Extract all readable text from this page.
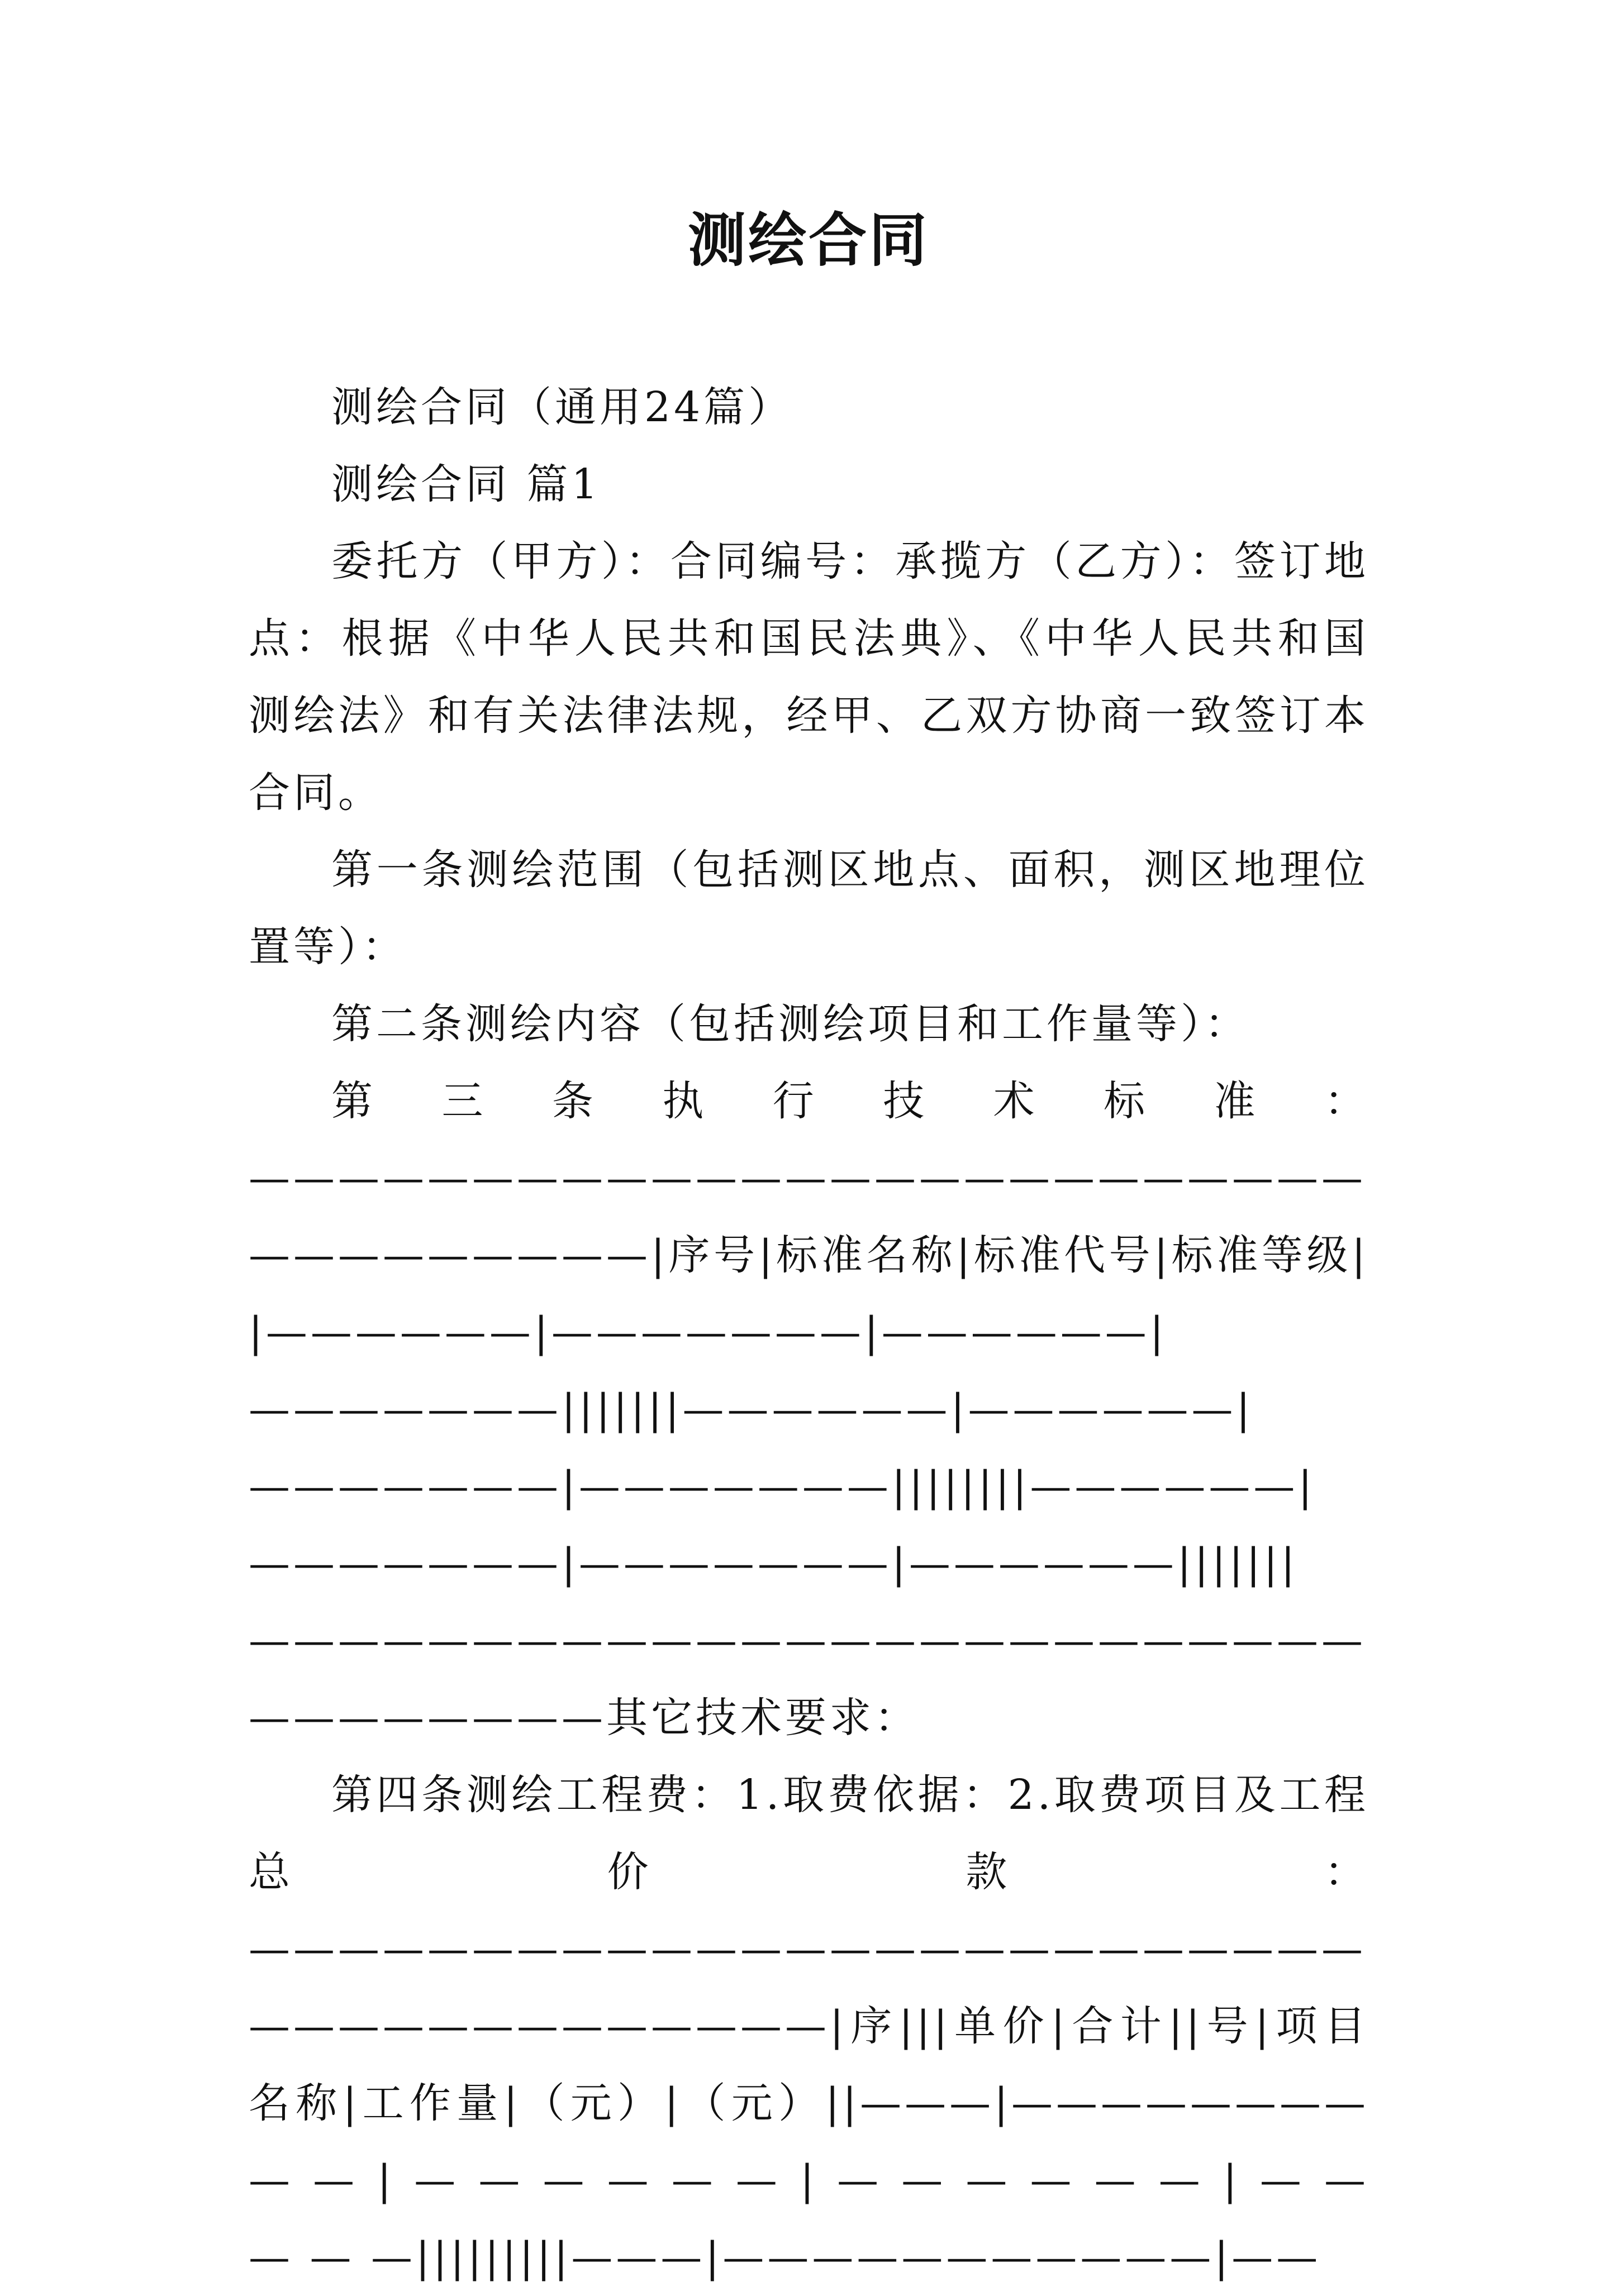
测绘合同

测绘合同（通用24篇）

测绘合同 篇1

委托方（甲方）：合同编号：承揽方（乙方）：签订地点：根据《中华人民共和国民法典》、《中华人民共和国测绘法》和有关法律法规，经甲、乙双方协商一致签订本合同。

第一条测绘范围（包括测区地点、面积，测区地理位置等）：

第二条测绘内容（包括测绘项目和工作量等）：

第三条执行技术标准：——————————————————————————————————|序号|标准名称|标准代号|标准等级||——————|———————|——————|———————|||||||——————|——————|———————|———————||||||||——————|———————|———————|——————|||||||—————————————————————————————————其它技术要求：

第四条测绘工程费：1.取费依据：2.取费项目及工程总价款：——————————————————————————————————————|序|||单价|合计||号|项目名称|工作量|（元）|（元）||———|———————— — — | — — — — — — | — — — — — — | — — — — —|||||||||———|———————————|——
